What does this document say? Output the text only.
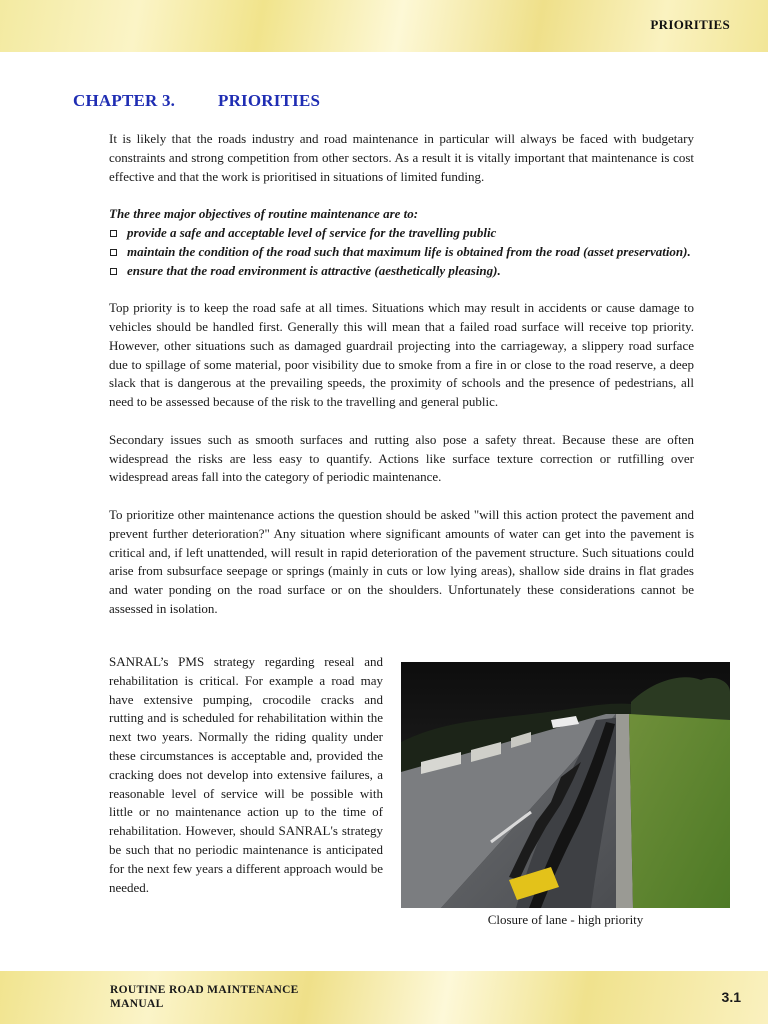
PRIORITIES
CHAPTER 3.	PRIORITIES

It is likely that the roads industry and road maintenance in particular will always be faced with budgetary constraints and strong competition from other sectors. As a result it is vitally important that maintenance is cost effective and that the work is prioritised in situations of limited funding.

The three major objectives of routine maintenance are to:

provide a safe and acceptable level of service for the travelling public
maintain the condition of the road such that maximum life is obtained from the road (asset preservation).
ensure that the road environment is attractive (aesthetically pleasing).

Top priority is to keep the road safe at all times. Situations which may result in accidents or cause damage to vehicles should be handled first. Generally this will mean that a failed road surface will receive top priority. However, other situations such as damaged guardrail projecting into the carriageway, a slippery road surface due to spillage of some material, poor visibility due to smoke from a fire in or close to the road reserve, a deep slack that is dangerous at the prevailing speeds, the proximity of schools and the presence of pedestrians, all need to be assessed because of the risk to the travelling and general public.

Secondary issues such as smooth surfaces and rutting also pose a safety threat. Because these are often widespread the risks are less easy to quantify. Actions like surface texture correction or rutfilling over widespread areas fall into the category of periodic maintenance.

To prioritize other maintenance actions the question should be asked "will this action protect the pavement and prevent further deterioration?" Any situation where significant amounts of water can get into the pavement is critical and, if left unattended, will result in rapid deterioration of the pavement structure. Such situations could arise from subsurface seepage or springs (mainly in cuts or low lying areas), shallow side drains in flat grades and water ponding on the road surface or on the shoulders. Unfortunately these considerations cannot be assessed in isolation.

SANRAL’s PMS strategy regarding reseal and rehabilitation is critical. For example a road may have extensive pumping, crocodile cracks and rutting and is scheduled for rehabilitation within the next two years. Normally the riding quality under these circumstances is acceptable and, provided the cracking does not develop into extensive failures, a reasonable level of service will be possible with little or no maintenance action up to the time of rehabilitation. However, should SANRAL's strategy be such that no periodic maintenance is anticipated for the next few years a different approach would be needed.
Closure of lane - high priority
ROUTINE ROAD MAINTENANCE MANUAL	3.1
